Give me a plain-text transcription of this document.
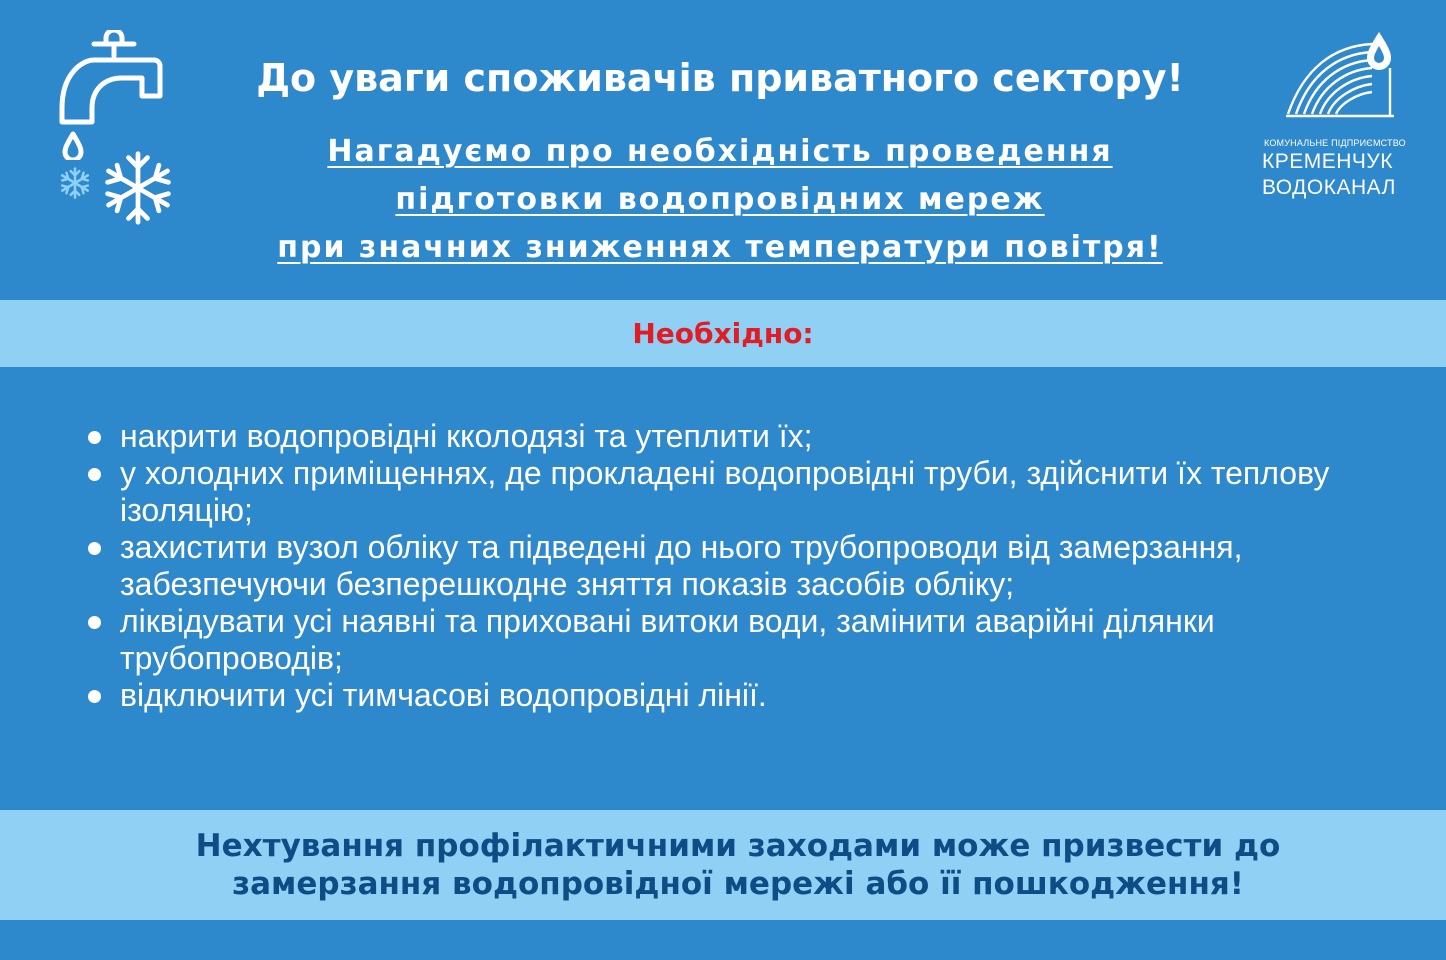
До уваги споживачів приватного сектору!
Нагадуємо про необхідність проведення
підготовки водопровідних мереж
при значних зниженнях температури повітря!
КОМУНАЛЬНЕ ПІДПРИЄМСТВО
КРЕМЕНЧУК
ВОДОКАНАЛ
Необхідно:
накрити водопровідні кколодязі та утеплити їх;
у холодних приміщеннях, де прокладені водопровідні труби, здійснити їх теплову ізоляцію;
захистити вузол обліку та підведені до нього трубопроводи від замерзання, забезпечуючи безперешкодне зняття показів засобів обліку;
ліквідувати усі наявні та приховані витоки води, замінити аварійні ділянки трубопроводів;
відключити усі тимчасові водопровідні лінії.
Нехтування профілактичними заходами може призвести до замерзання водопровідної мережі або її пошкодження!
